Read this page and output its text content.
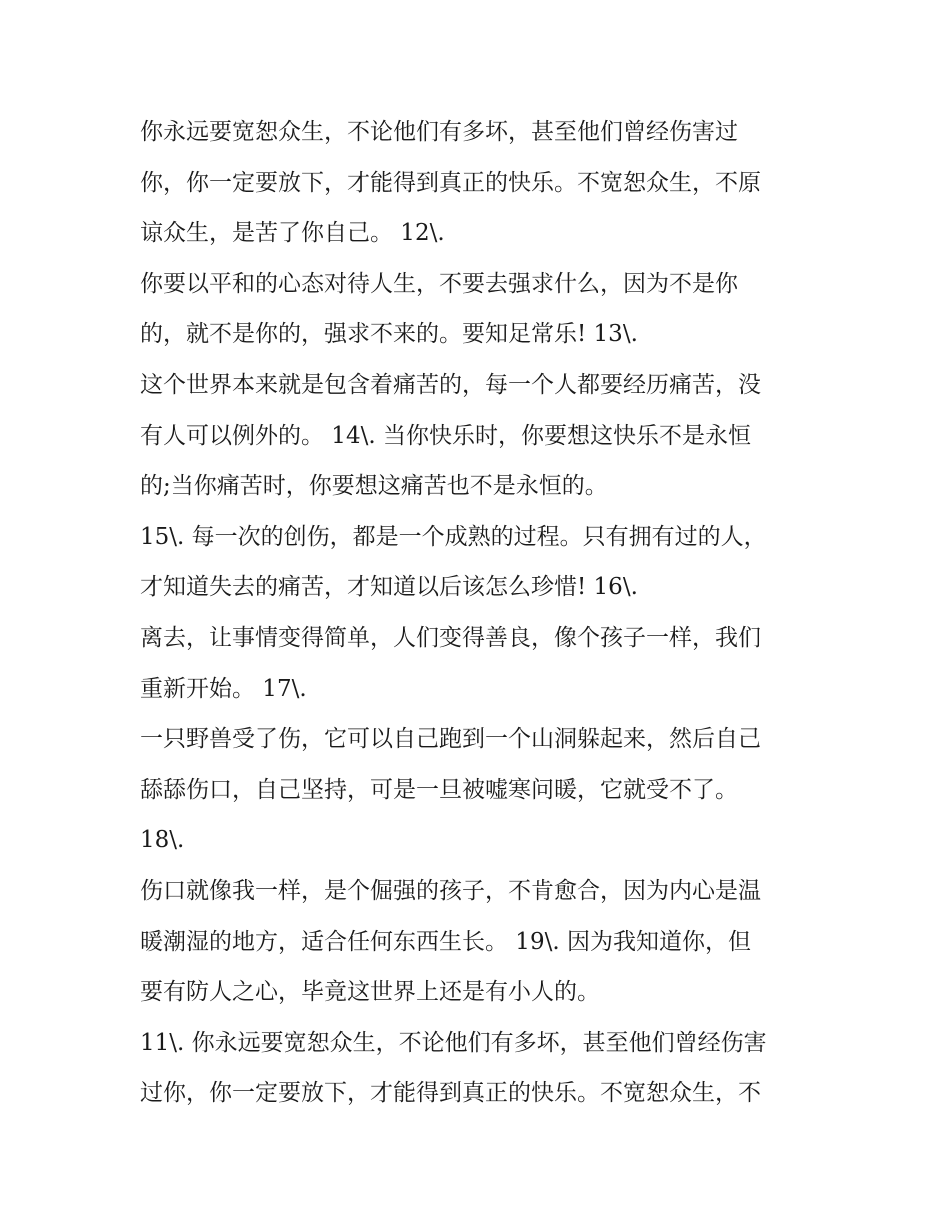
你永远要宽恕众生，不论他们有多坏，甚至他们曾经伤害过
你，你一定要放下，才能得到真正的快乐。不宽恕众生，不原
谅众生，是苦了你自己。 12\.
你要以平和的心态对待人生，不要去强求什么，因为不是你
的，就不是你的，强求不来的。要知足常乐! 13\.
这个世界本来就是包含着痛苦的，每一个人都要经历痛苦，没
有人可以例外的。 14\. 当你快乐时，你要想这快乐不是永恒
的;当你痛苦时，你要想这痛苦也不是永恒的。
15\. 每一次的创伤，都是一个成熟的过程。只有拥有过的人，
才知道失去的痛苦，才知道以后该怎么珍惜! 16\.
离去，让事情变得简单，人们变得善良，像个孩子一样，我们
重新开始。 17\.
一只野兽受了伤，它可以自己跑到一个山洞躲起来，然后自己
舔舔伤口，自己坚持，可是一旦被嘘寒问暖，它就受不了。
18\.
伤口就像我一样，是个倔强的孩子，不肯愈合，因为内心是温
暖潮湿的地方，适合任何东西生长。 19\. 因为我知道你，但
要有防人之心，毕竟这世界上还是有小人的。
11\. 你永远要宽恕众生，不论他们有多坏，甚至他们曾经伤害
过你，你一定要放下，才能得到真正的快乐。不宽恕众生，不
